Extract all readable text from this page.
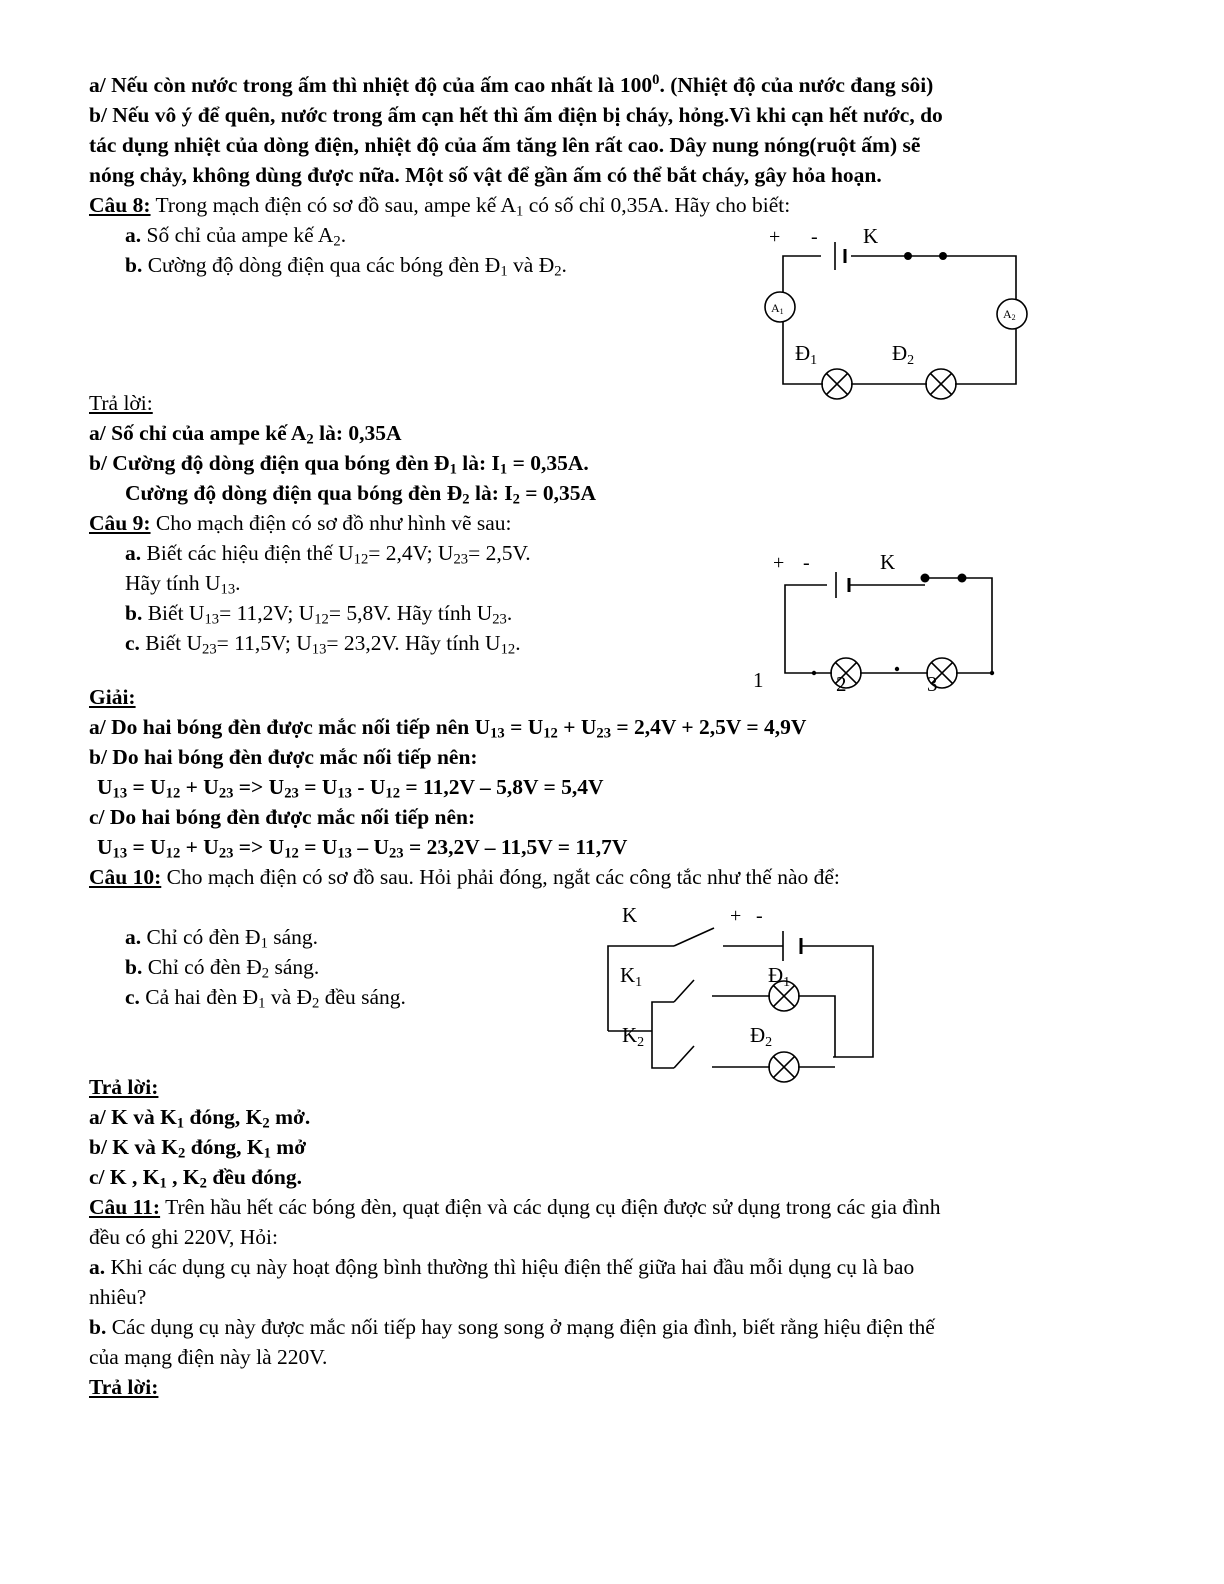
a/ Nếu còn nước trong ấm thì nhiệt độ của ấm cao nhất là $100^0$. (Nhiệt độ của nước đang sôi)
b/ Nếu vô ý để quên, nước trong ấm cạn hết thì ấm điện bị cháy, hỏng.Vì khi cạn hết nước, do
tác dụng nhiệt của dòng điện, nhiệt độ của ấm tăng lên rất cao. Dây nung nóng(ruột ấm) sẽ
nóng chảy, không dùng được nữa. Một số vật để gần ấm có thể bắt cháy, gây hỏa hoạn.
Câu 8: Trong mạch điện có sơ đồ sau, ampe kế $A_1$ có số chỉ 0,35A. Hãy cho biết:
a. Số chỉ của ampe kế $A_2$.
b. Cường độ dòng điện qua các bóng đèn $Đ_1$ và $Đ_2$.
Trả lời:
a/ Số chỉ của ampe kế $A_2$ là: 0,35A
b/ Cường độ dòng điện qua bóng đèn $Đ_1$ là: $I_1 = 0,35A$.
Cường độ dòng điện qua bóng đèn $Đ_2$ là: $I_2 = 0,35A$
Câu 9: Cho mạch điện có sơ đồ như hình vẽ sau:
a. Biết các hiệu điện thế $U_{12}= 2,4V$; $U_{23}= 2,5V$.
Hãy tính $U_{13}$.
b. Biết $U_{13}= 11,2V$; $U_{12}= 5,8V$. Hãy tính $U_{23}$.
c. Biết $U_{23}= 11,5V$; $U_{13}= 23,2V$. Hãy tính $U_{12}$.
Giải:
a/ Do hai bóng đèn được mắc nối tiếp nên $U_{13} = U_{12} + U_{23} = 2,4V + 2,5V = 4,9V$
b/ Do hai bóng đèn được mắc nối tiếp nên:
$U_{13} = U_{12} + U_{23} => U_{23} = U_{13} - U_{12} = 11,2V - 5,8V = 5,4V$
c/ Do hai bóng đèn được mắc nối tiếp nên:
$U_{13} = U_{12} + U_{23} => U_{12} = U_{13} - U_{23} = 23,2V - 11,5V = 11,7V$
Câu 10: Cho mạch điện có sơ đồ sau. Hỏi phải đóng, ngắt các công tắc như thế nào để:
a. Chỉ có đèn $Đ_1$ sáng.
b. Chỉ có đèn $Đ_2$ sáng.
c. Cả hai đèn $Đ_1$ và $Đ_2$ đều sáng.
Trả lời:
a/ K và $K_1$ đóng, $K_2$ mở.
b/ K và $K_2$ đóng, $K_1$ mở
c/ K , $K_1$ , $K_2$ đều đóng.
Câu 11: Trên hầu hết các bóng đèn, quạt điện và các dụng cụ điện được sử dụng trong các gia đình
đều có ghi 220V, Hỏi:
a. Khi các dụng cụ này hoạt động bình thường thì hiệu điện thế giữa hai đầu mỗi dụng cụ là bao
nhiêu?
b. Các dụng cụ này được mắc nối tiếp hay song song ở mạng điện gia đình, biết rằng hiệu điện thế
của mạng điện này là 220V.
Trả lời:
+ - K
A1	A2
Đ1	Đ2
+ -	K
1	2	3
K	+ -
K1
K2
Đ1
Đ2
